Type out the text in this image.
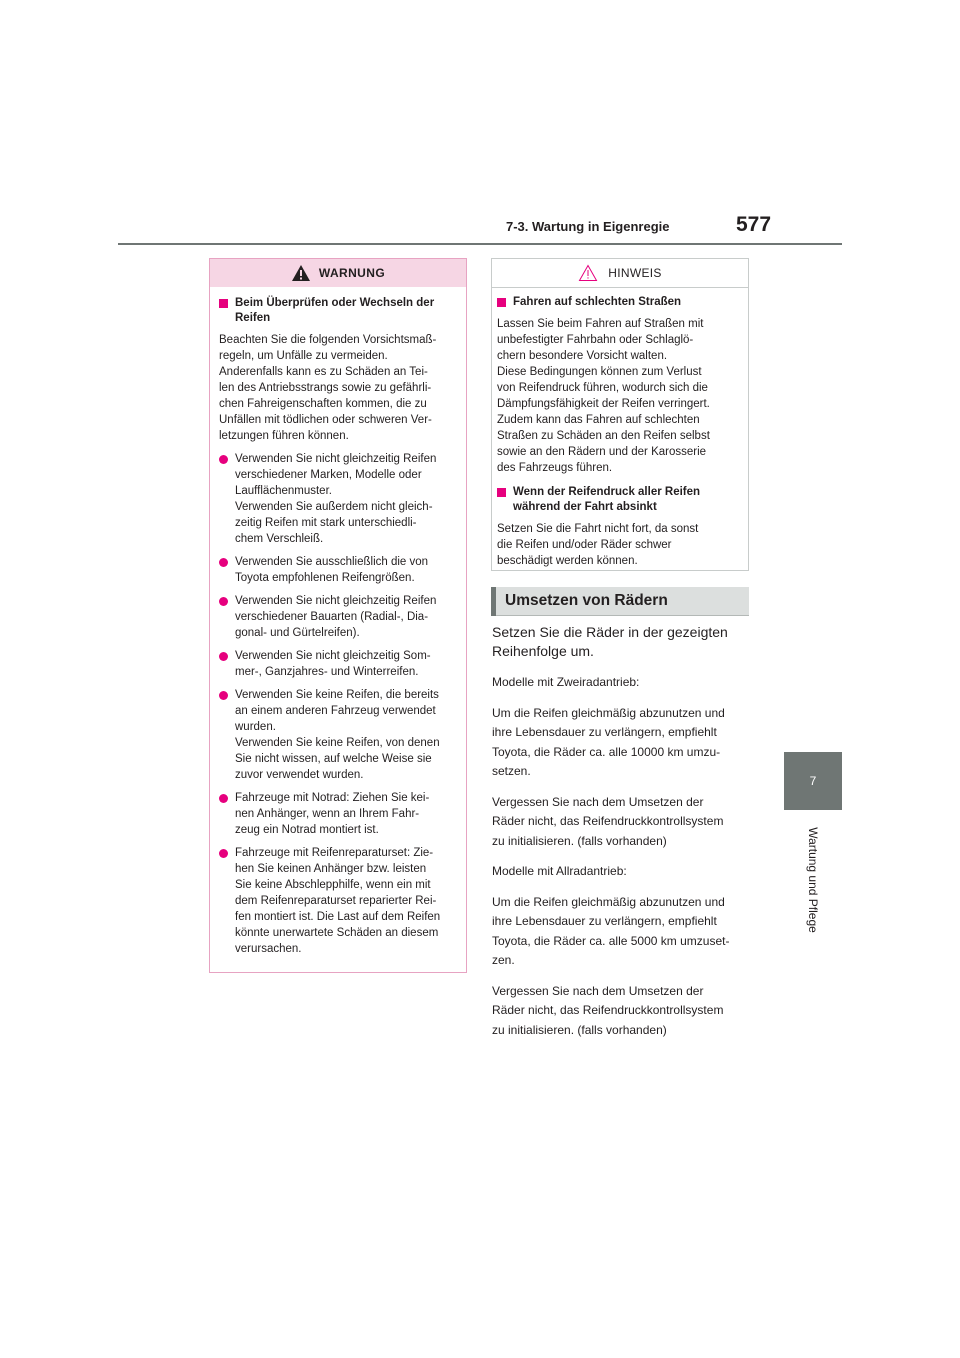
7-3. Wartung in Eigenregie	577
7
Wartung und Pflege
WARNUNG
Beim Überprüfen oder Wechseln der Reifen
Beachten Sie die folgenden Vorsichtsmaß-
regeln, um Unfälle zu vermeiden.
Anderenfalls kann es zu Schäden an Tei-
len des Antriebsstrangs sowie zu gefährli-
chen Fahreigenschaften kommen, die zu
Unfällen mit tödlichen oder schweren Ver-
letzungen führen können.
Verwenden Sie nicht gleichzeitig Reifen
verschiedener Marken, Modelle oder
Laufflächenmuster.
Verwenden Sie außerdem nicht gleich-
zeitig Reifen mit stark unterschiedli-
chem Verschleiß.
Verwenden Sie ausschließlich die von
Toyota empfohlenen Reifengrößen.
Verwenden Sie nicht gleichzeitig Reifen
verschiedener Bauarten (Radial-, Dia-
gonal- und Gürtelreifen).
Verwenden Sie nicht gleichzeitig Som-
mer-, Ganzjahres- und Winterreifen.
Verwenden Sie keine Reifen, die bereits
an einem anderen Fahrzeug verwendet
wurden.
Verwenden Sie keine Reifen, von denen
Sie nicht wissen, auf welche Weise sie
zuvor verwendet wurden.
Fahrzeuge mit Notrad: Ziehen Sie kei-
nen Anhänger, wenn an Ihrem Fahr-
zeug ein Notrad montiert ist.
Fahrzeuge mit Reifenreparaturset: Zie-
hen Sie keinen Anhänger bzw. leisten
Sie keine Abschlepphilfe, wenn ein mit
dem Reifenreparaturset reparierter Rei-
fen montiert ist. Die Last auf dem Reifen
könnte unerwartete Schäden an diesem
verursachen.
HINWEIS
Fahren auf schlechten Straßen
Lassen Sie beim Fahren auf Straßen mit
unbefestigter Fahrbahn oder Schlaglö-
chern besondere Vorsicht walten.
Diese Bedingungen können zum Verlust
von Reifendruck führen, wodurch sich die
Dämpfungsfähigkeit der Reifen verringert.
Zudem kann das Fahren auf schlechten
Straßen zu Schäden an den Reifen selbst
sowie an den Rädern und der Karosserie
des Fahrzeugs führen.
Wenn der Reifendruck aller Reifen während der Fahrt absinkt
Setzen Sie die Fahrt nicht fort, da sonst
die Reifen und/oder Räder schwer
beschädigt werden können.
Umsetzen von Rädern

Setzen Sie die Räder in der gezeigten
Reihenfolge um.

Modelle mit Zweiradantrieb:

Um die Reifen gleichmäßig abzunutzen und
ihre Lebensdauer zu verlängern, empfiehlt
Toyota, die Räder ca. alle 10000 km umzu-
setzen.

Vergessen Sie nach dem Umsetzen der
Räder nicht, das Reifendruckkontrollsystem
zu initialisieren. (falls vorhanden)

Modelle mit Allradantrieb:

Um die Reifen gleichmäßig abzunutzen und
ihre Lebensdauer zu verlängern, empfiehlt
Toyota, die Räder ca. alle 5000 km umzuset-
zen.

Vergessen Sie nach dem Umsetzen der
Räder nicht, das Reifendruckkontrollsystem
zu initialisieren. (falls vorhanden)
